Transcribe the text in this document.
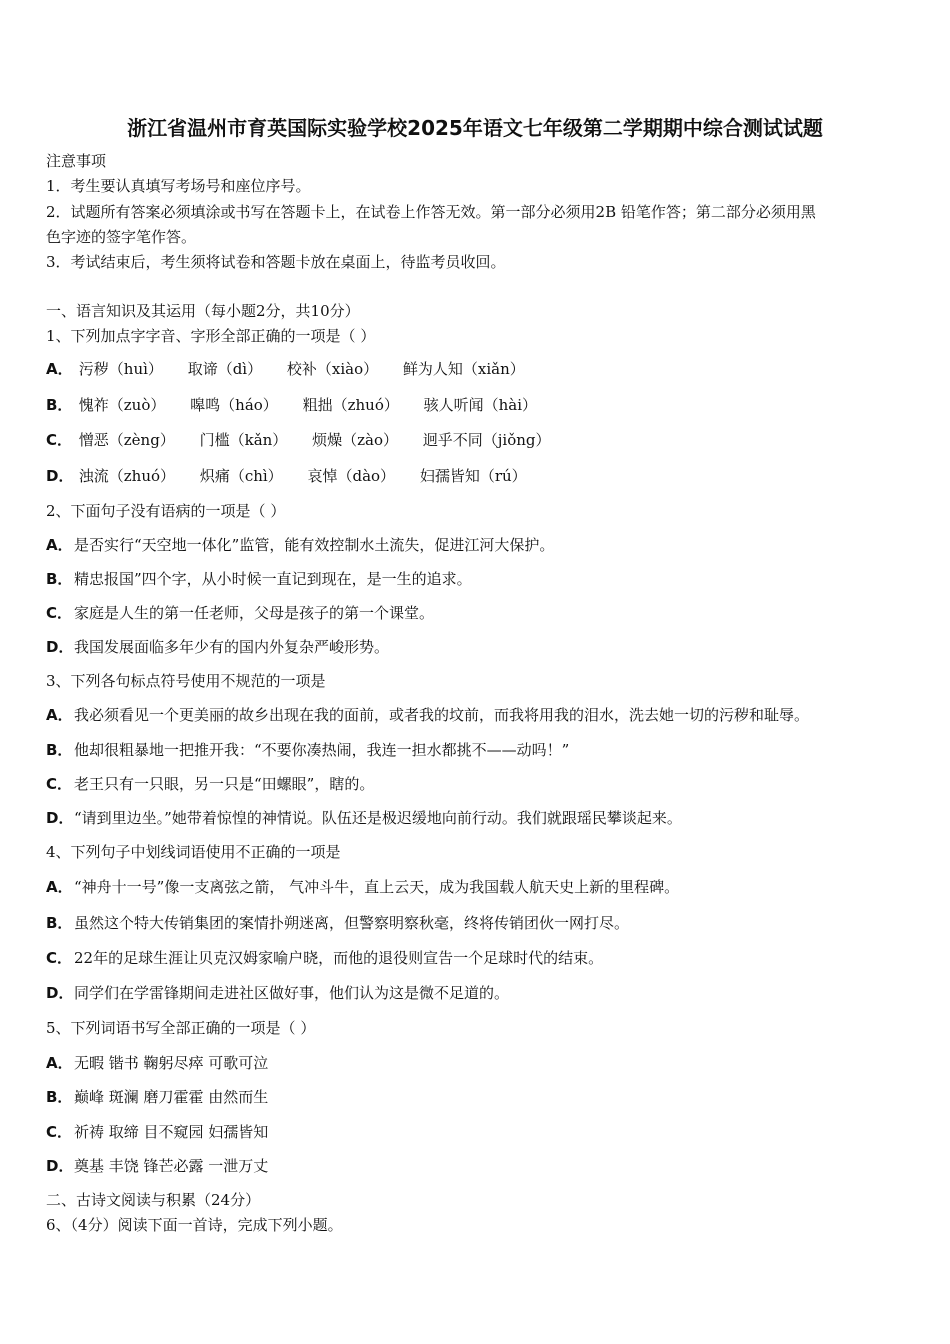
浙江省温州市育英国际实验学校2025年语文七年级第二学期期中综合测试试题
注意事项
1．考生要认真填写考场号和座位序号。
2．试题所有答案必须填涂或书写在答题卡上，在试卷上作答无效。第一部分必须用2B 铅笔作答；第二部分必须用黑
色字迹的签字笔作答。
3．考试结束后，考生须将试卷和答题卡放在桌面上，待监考员收回。
一、语言知识及其运用（每小题2分，共10分）
1、下列加点字字音、字形全部正确的一项是（ ）
A． 污秽（huì） 取谛（dì） 校补（xiào） 鲜为人知（xiǎn）
B． 愧祚（zuò） 嗥鸣（háo） 粗拙（zhuó） 骇人听闻（hài）
C． 憎恶（zèng） 门槛（kǎn） 烦燥（zào） 迥乎不同（jiǒng）
D． 浊流（zhuó） 炽痛（chì） 哀悼（dào） 妇孺皆知（rú）
2、下面句子没有语病的一项是（ ）
A．是否实行“天空地一体化”监管，能有效控制水土流失，促进江河大保护。
B． 精忠报国”四个字，从小时候一直记到现在，是一生的追求。
C． 家庭是人生的第一任老师，父母是孩子的第一个课堂。
D．我国发展面临多年少有的国内外复杂严峻形势。
3、下列各句标点符号使用不规范的一项是
A．我必须看见一个更美丽的故乡出现在我的面前，或者我的坟前，而我将用我的泪水，洗去她一切的污秽和耻辱。
B． 他却很粗暴地一把推开我：“不要你凑热闹，我连一担水都挑不——动吗！”
C． 老王只有一只眼，另一只是“田螺眼”，瞎的。
D．“请到里边坐。”她带着惊惶的神情说。队伍还是极迟缓地向前行动。我们就跟瑶民攀谈起来。
4、下列句子中划线词语使用不正确的一项是
A．“神舟十一号”像一支离弦之箭， 气冲斗牛，直上云天，成为我国载人航天史上新的里程碑。
B． 虽然这个特大传销集团的案情扑朔迷离，但警察明察秋毫，终将传销团伙一网打尽。
C． 22年的足球生涯让贝克汉姆家喻户晓，而他的退役则宣告一个足球时代的结束。
D．同学们在学雷锋期间走进社区做好事，他们认为这是微不足道的。
5、下列词语书写全部正确的一项是（ ）
A．无暇 锴书 鞠躬尽瘁 可歌可泣
B． 巅峰 斑澜 磨刀霍霍 由然而生
C． 祈祷 取缔 目不窥园 妇孺皆知
D．奠基 丰饶 锋芒必露 一泄万丈
二、古诗文阅读与积累（24分）
6、（4分）阅读下面一首诗，完成下列小题。
